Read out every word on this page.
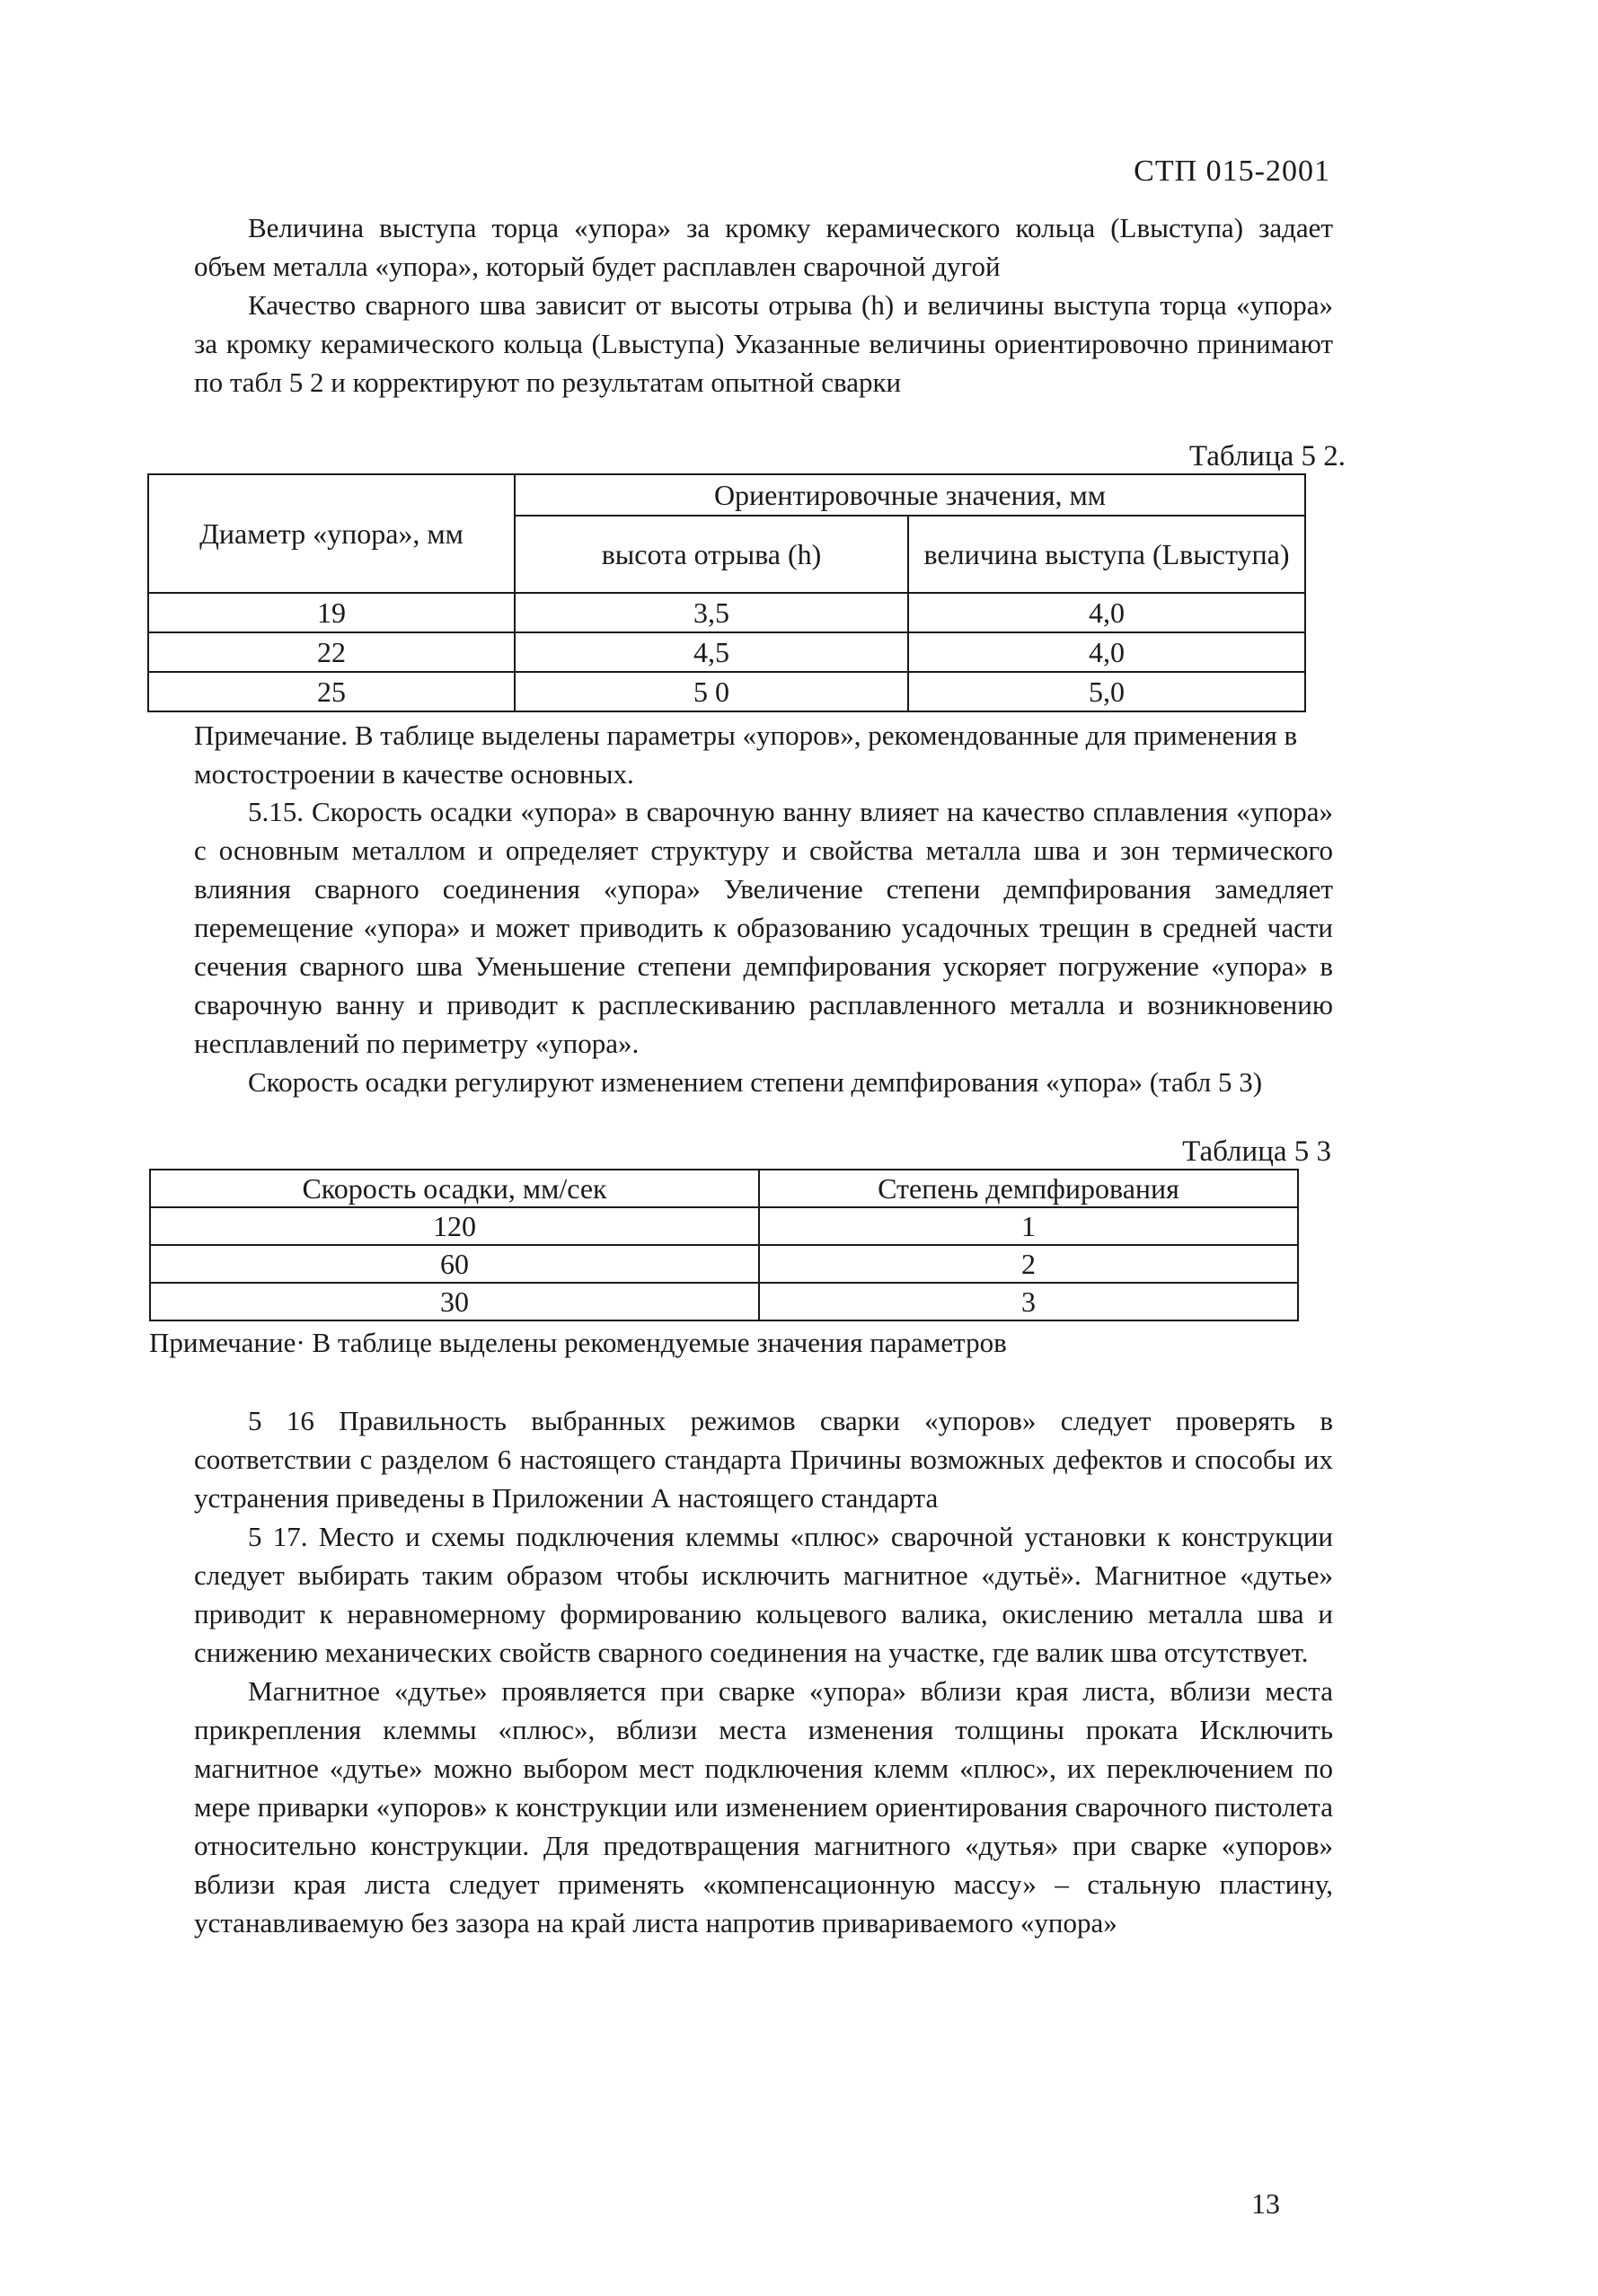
СТП 015-2001

Величина выступа торца «упора» за кромку керамического кольца (Lвыступа) задает объем металла «упора», который будет расплавлен сварочной дугой

Качество сварного шва зависит от высоты отрыва (h) и величины выступа торца «упора» за кромку керамического кольца (Lвыступа) Указанные величины ориентировочно принимают по табл 5 2 и корректируют по результатам опытной сварки

Таблица 5 2.

Диаметр «упора», мм	Ориентировочные значения, мм	
	высота отрыва (h)	величина выступа (Lвыступа)
19	3,5	4,0
22	4,5	4,0
25	5 0	5,0

Примечание. В таблице выделены параметры «упоров», рекомендованные для применения в мостостроении в качестве основных.

5.15. Скорость осадки «упора» в сварочную ванну влияет на качество сплавления «упора» с основным металлом и определяет структуру и свойства металла шва и зон термического влияния сварного соединения «упора» Увеличение степени демпфирования замедляет перемещение «упора» и может приводить к образованию усадочных трещин в средней части сечения сварного шва Уменьшение степени демпфирования ускоряет погружение «упора» в сварочную ванну и приводит к расплескиванию расплавленного металла и возникновению несплавлений по периметру «упора».

Скорость осадки регулируют изменением степени демпфирования «упора» (табл 5 3)

Таблица 5 3

Скорость осадки, мм/сек	Степень демпфирования
120	1
60	2
30	3

Примечание· В таблице выделены рекомендуемые значения параметров

5 16 Правильность выбранных режимов сварки «упоров» следует проверять в соответствии с разделом 6 настоящего стандарта Причины возможных дефектов и способы их устранения приведены в Приложении А настоящего стандарта

5 17. Место и схемы подключения клеммы «плюс» сварочной установки к конструкции следует выбирать таким образом чтобы исключить магнитное «дутьё». Магнитное «дутье» приводит к неравномерному формированию кольцевого валика, окислению металла шва и снижению механических свойств сварного соединения на участке, где валик шва отсутствует.

Магнитное «дутье» проявляется при сварке «упора» вблизи края листа, вблизи места прикрепления клеммы «плюс», вблизи места изменения толщины проката Исключить магнитное «дутье» можно выбором мест подключения клемм «плюс», их переключением по мере приварки «упоров» к конструкции или изменением ориентирования сварочного пистолета относительно конструкции. Для предотвращения магнитного «дутья» при сварке «упоров» вблизи края листа следует применять «компенсационную массу» – стальную пластину, устанавливаемую без зазора на край листа напротив привариваемого «упора»

13
